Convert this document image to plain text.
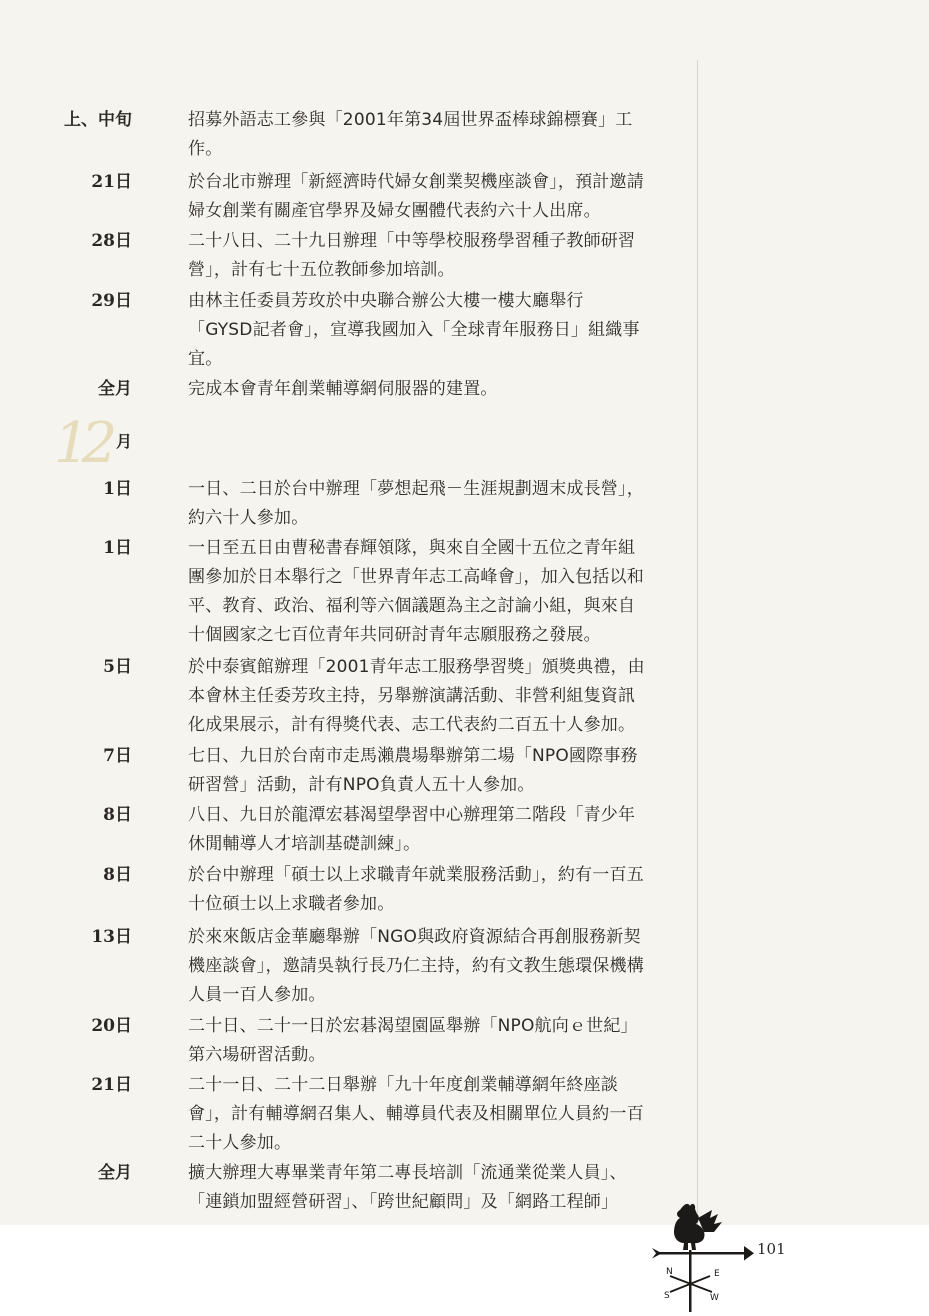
上、中旬	招募外語志工參與「2001年第34屆世界盃棒球錦標賽」工
作。
21日	於台北市辦理「新經濟時代婦女創業契機座談會」，預計邀請
婦女創業有關產官學界及婦女團體代表約六十人出席。
28日	二十八日、二十九日辦理「中等學校服務學習種子教師研習
營」，計有七十五位教師參加培訓。
29日	由林主任委員芳玫於中央聯合辦公大樓一樓大廳舉行
「GYSD記者會」，宣導我國加入「全球青年服務日」組織事
宜。
全月	完成本會青年創業輔導網伺服器的建置。
12 月
1日	一日、二日於台中辦理「夢想起飛－生涯規劃週末成長營」，
約六十人參加。
1日	一日至五日由曹秘書春輝領隊，與來自全國十五位之青年組
團參加於日本舉行之「世界青年志工高峰會」，加入包括以和
平、教育、政治、福利等六個議題為主之討論小組，與來自
十個國家之七百位青年共同研討青年志願服務之發展。
5日	於中泰賓館辦理「2001青年志工服務學習獎」頒獎典禮，由
本會林主任委芳玫主持，另舉辦演講活動、非營利組隻資訊
化成果展示，計有得獎代表、志工代表約二百五十人參加。
7日	七日、九日於台南市走馬瀨農場舉辦第二場「NPO國際事務
研習營」活動，計有NPO負責人五十人參加。
8日	八日、九日於龍潭宏碁渴望學習中心辦理第二階段「青少年
休閒輔導人才培訓基礎訓練」。
8日	於台中辦理「碩士以上求職青年就業服務活動」，約有一百五
十位碩士以上求職者參加。
13日	於來來飯店金華廳舉辦「NGO與政府資源結合再創服務新契
機座談會」，邀請吳執行長乃仁主持，約有文教生態環保機構
人員一百人參加。
20日	二十日、二十一日於宏碁渴望園區舉辦「NPO航向ｅ世紀」
第六場研習活動。
21日	二十一日、二十二日舉辦「九十年度創業輔導網年終座談
會」，計有輔導網召集人、輔導員代表及相關單位人員約一百
二十人參加。
全月	擴大辦理大專畢業青年第二專長培訓「流通業從業人員」、
「連鎖加盟經營研習」、「跨世紀顧問」及「網路工程師」
N	E
S	W
101
